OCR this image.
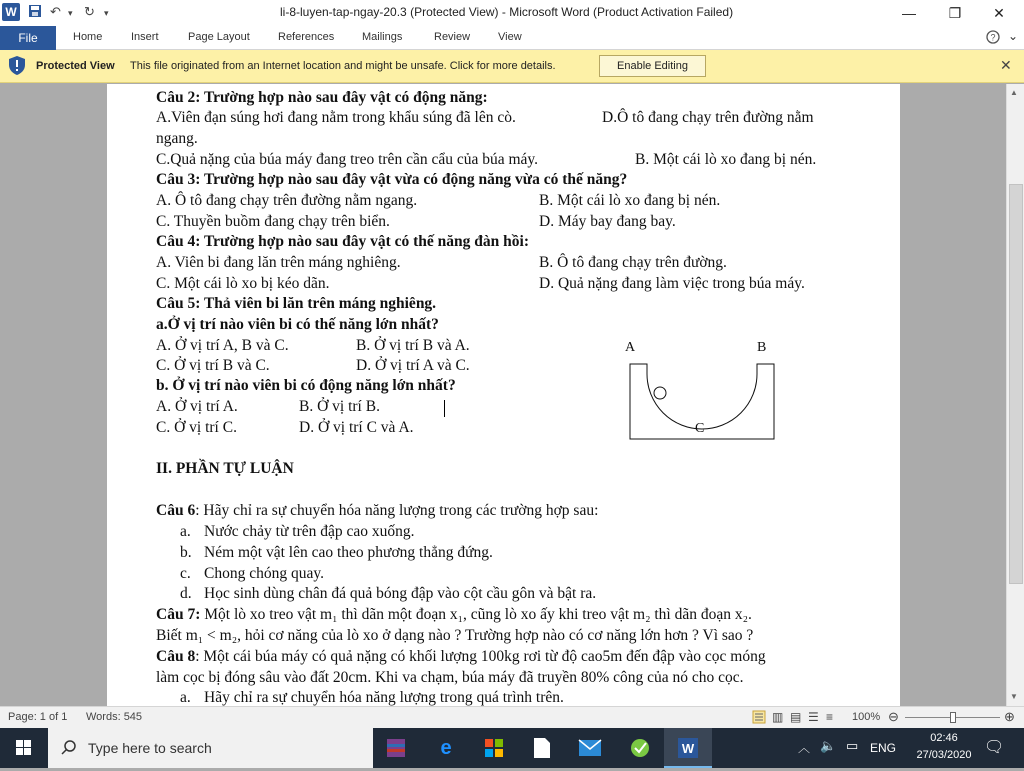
W	↶ ▾ ↻ ▾	li-8-luyen-tap-ngay-20.3 (Protected View) - Microsoft Word (Product Activation Failed)	—	❐	✕
File	Home	Insert	Page Layout	References	Mailings	Review	View	? ⌄
Protected View This file originated from an Internet location and might be unsafe. Click for more details.	Enable Editing	✕
Câu 2: Trường hợp nào sau đây vật có động năng:
A.Viên đạn súng hơi đang nằm trong khẩu súng đã lên cò.	D.Ô tô đang chạy trên đường nằm
ngang.
C.Quả nặng của búa máy đang treo trên cần cẩu của búa máy.	B. Một cái lò xo đang bị nén.
Câu 3: Trường hợp nào sau đây vật vừa có động năng vừa có thế năng?
A. Ô tô đang chạy trên đường nằm ngang.	B. Một cái lò xo đang bị nén.
C. Thuyền buồm đang chạy trên biển.	D. Máy bay đang bay.
Câu 4: Trường hợp nào sau đây vật có thế năng đàn hồi:
A. Viên bi đang lăn trên máng nghiêng.	B. Ô tô đang chạy trên đường.
C. Một cái lò xo bị kéo dãn.	D. Quả nặng đang làm việc trong búa máy.
Câu 5: Thả viên bi lăn trên máng nghiêng.
a.Ở vị trí nào viên bi có thế năng lớn nhất?
A. Ở vị trí A, B và C.	B. Ở vị trí B và A.
C. Ở vị trí B và C.	D. Ở vị trí A và C.
b. Ở vị trí nào viên bi có động năng lớn nhất?
A. Ở vị trí A.	B. Ở vị trí B.
C. Ở vị trí C.	D. Ở vị trí C và A.
A	B
C
II. PHẦN TỰ LUẬN
Câu 6: Hãy chỉ ra sự chuyển hóa năng lượng trong các trường hợp sau:
a. Nước chảy từ trên đập cao xuống.
b. Ném một vật lên cao theo phương thẳng đứng.
c. Chong chóng quay.
d. Học sinh dùng chân đá quả bóng đập vào cột cầu gôn và bật ra.
Câu 7: Một lò xo treo vật m₁ thì dãn một đoạn x₁, cũng lò xo ấy khi treo vật m₂ thì dãn đoạn x₂.
Biết m₁ < m₂, hỏi cơ năng của lò xo ở dạng nào ? Trường hợp nào có cơ năng lớn hơn ? Vì sao ?
Câu 8: Một cái búa máy có quả nặng có khối lượng 100kg rơi từ độ cao5m đến đập vào cọc móng
làm cọc bị đóng sâu vào đất 20cm. Khi va chạm, búa máy đã truyền 80% công của nó cho cọc.
a. Hãy chỉ ra sự chuyển hóa năng lượng trong quá trình trên.
▲
▼
Page: 1 of 1 Words: 545	▥ ▤ ☰ ≡ 100% ⊖	⊕
Type here to search	e	W	︿ 🔈 ▭ ENG
02:46
27/03/2020 🗨
